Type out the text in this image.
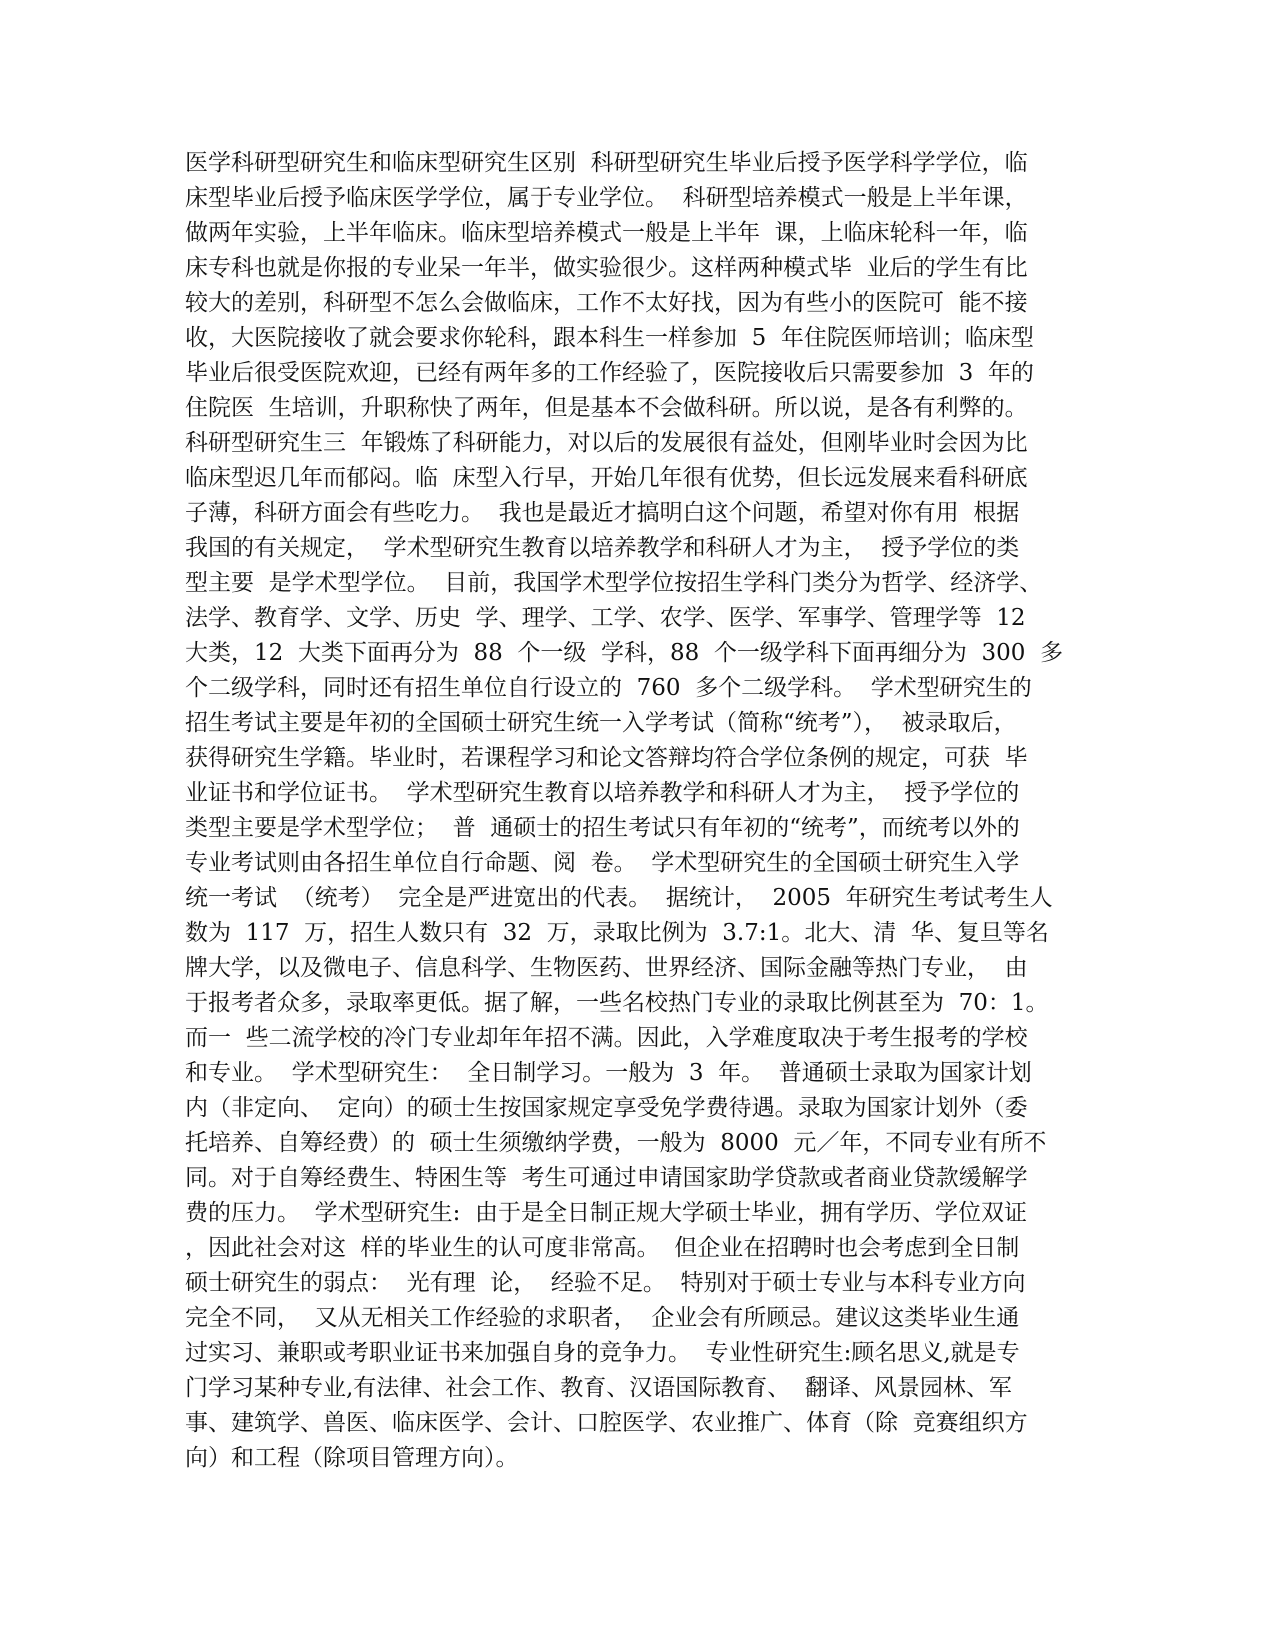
医学科研型研究生和临床型研究生区别  科研型研究生毕业后授予医学科学学位，临
床型毕业后授予临床医学学位，属于专业学位。  科研型培养模式一般是上半年课，
做两年实验，上半年临床。临床型培养模式一般是上半年  课，上临床轮科一年，临
床专科也就是你报的专业呆一年半，做实验很少。这样两种模式毕  业后的学生有比
较大的差别，科研型不怎么会做临床，工作不太好找，因为有些小的医院可  能不接
收，大医院接收了就会要求你轮科，跟本科生一样参加  5  年住院医师培训；临床型
毕业后很受医院欢迎，已经有两年多的工作经验了，医院接收后只需要参加  3  年的
住院医  生培训，升职称快了两年，但是基本不会做科研。所以说，是各有利弊的。
科研型研究生三  年锻炼了科研能力，对以后的发展很有益处，但刚毕业时会因为比
临床型迟几年而郁闷。临  床型入行早，开始几年很有优势，但长远发展来看科研底
子薄，科研方面会有些吃力。  我也是最近才搞明白这个问题，希望对你有用  根据
我国的有关规定，  学术型研究生教育以培养教学和科研人才为主，  授予学位的类
型主要  是学术型学位。  目前，我国学术型学位按招生学科门类分为哲学、经济学、
法学、教育学、文学、历史  学、理学、工学、农学、医学、军事学、管理学等  12
大类，12  大类下面再分为  88  个一级  学科，88  个一级学科下面再细分为  300  多
个二级学科，同时还有招生单位自行设立的  760  多个二级学科。  学术型研究生的
招生考试主要是年初的全国硕士研究生统一入学考试（简称“统考”），  被录取后，
获得研究生学籍。毕业时，若课程学习和论文答辩均符合学位条例的规定，可获  毕
业证书和学位证书。  学术型研究生教育以培养教学和科研人才为主，  授予学位的
类型主要是学术型学位；  普  通硕士的招生考试只有年初的“统考”，而统考以外的
专业考试则由各招生单位自行命题、阅  卷。  学术型研究生的全国硕士研究生入学
统一考试  （统考）  完全是严进宽出的代表。  据统计，  2005  年研究生考试考生人
数为  117  万，招生人数只有  32  万，录取比例为  3.7:1。北大、清  华、复旦等名
牌大学，以及微电子、信息科学、生物医药、世界经济、国际金融等热门专业，  由
于报考者众多，录取率更低。据了解，一些名校热门专业的录取比例甚至为  70：1。
而一  些二流学校的冷门专业却年年招不满。因此，入学难度取决于考生报考的学校
和专业。  学术型研究生：  全日制学习。一般为  3  年。  普通硕士录取为国家计划
内（非定向、  定向）的硕士生按国家规定享受免学费待遇。录取为国家计划外（委
托培养、自筹经费）的  硕士生须缴纳学费，一般为  8000  元／年，不同专业有所不
同。对于自筹经费生、特困生等  考生可通过申请国家助学贷款或者商业贷款缓解学
费的压力。  学术型研究生:  由于是全日制正规大学硕士毕业，拥有学历、学位双证
，因此社会对这  样的毕业生的认可度非常高。  但企业在招聘时也会考虑到全日制
硕士研究生的弱点：  光有理  论，  经验不足。  特别对于硕士专业与本科专业方向
完全不同，  又从无相关工作经验的求职者，  企业会有所顾忌。建议这类毕业生通
过实习、兼职或考职业证书来加强自身的竞争力。  专业性研究生:顾名思义,就是专
门学习某种专业,有法律、社会工作、教育、汉语国际教育、  翻译、风景园林、军
事、建筑学、兽医、临床医学、会计、口腔医学、农业推广、体育（除  竞赛组织方
向）和工程（除项目管理方向）。
